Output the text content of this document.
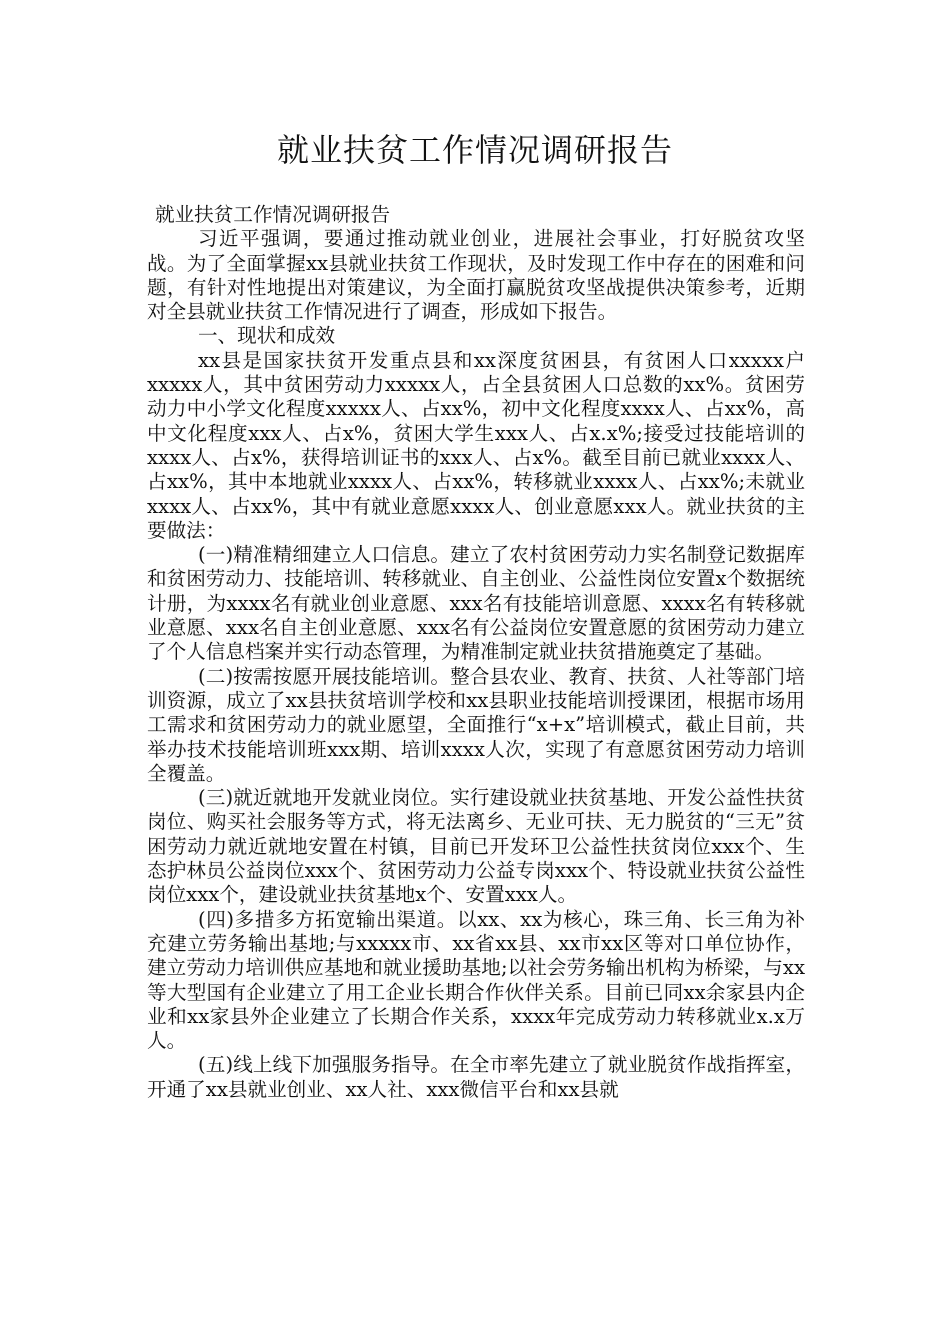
就业扶贫工作情况调研报告

就业扶贫工作情况调研报告

习近平强调，要通过推动就业创业，进展社会事业，打好脱贫攻坚战。为了全面掌握xx县就业扶贫工作现状，及时发现工作中存在的困难和问题，有针对性地提出对策建议，为全面打赢脱贫攻坚战提供决策参考，近期对全县就业扶贫工作情况进行了调查，形成如下报告。

一、现状和成效

xx县是国家扶贫开发重点县和xx深度贫困县，有贫困人口xxxxx户xxxxx人，其中贫困劳动力xxxxx人，占全县贫困人口总数的xx%。贫困劳动力中小学文化程度xxxxx人、占xx%，初中文化程度xxxx人、占xx%，高中文化程度xxx人、占x%，贫困大学生xxx人、占x.x%;接受过技能培训的xxxx人、占x%，获得培训证书的xxx人、占x%。截至目前已就业xxxx人、占xx%，其中本地就业xxxx人、占xx%，转移就业xxxx人、占xx%;未就业xxxx人、占xx%，其中有就业意愿xxxx人、创业意愿xxx人。就业扶贫的主要做法：

(一)精准精细建立人口信息。建立了农村贫困劳动力实名制登记数据库和贫困劳动力、技能培训、转移就业、自主创业、公益性岗位安置x个数据统计册，为xxxx名有就业创业意愿、xxx名有技能培训意愿、xxxx名有转移就业意愿、xxx名自主创业意愿、xxx名有公益岗位安置意愿的贫困劳动力建立了个人信息档案并实行动态管理，为精准制定就业扶贫措施奠定了基础。

(二)按需按愿开展技能培训。整合县农业、教育、扶贫、人社等部门培训资源，成立了xx县扶贫培训学校和xx县职业技能培训授课团，根据市场用工需求和贫困劳动力的就业愿望，全面推行“x+x”培训模式，截止目前，共举办技术技能培训班xxx期、培训xxxx人次，实现了有意愿贫困劳动力培训全覆盖。

(三)就近就地开发就业岗位。实行建设就业扶贫基地、开发公益性扶贫岗位、购买社会服务等方式，将无法离乡、无业可扶、无力脱贫的“三无”贫困劳动力就近就地安置在村镇，目前已开发环卫公益性扶贫岗位xxx个、生态护林员公益岗位xxx个、贫困劳动力公益专岗xxx个、特设就业扶贫公益性岗位xxx个，建设就业扶贫基地x个、安置xxx人。

(四)多措多方拓宽输出渠道。以xx、xx为核心，珠三角、长三角为补充建立劳务输出基地;与xxxxx市、xx省xx县、xx市xx区等对口单位协作，建立劳动力培训供应基地和就业援助基地;以社会劳务输出机构为桥梁，与xx等大型国有企业建立了用工企业长期合作伙伴关系。目前已同xx余家县内企业和xx家县外企业建立了长期合作关系，xxxx年完成劳动力转移就业x.x万人。

(五)线上线下加强服务指导。在全市率先建立了就业脱贫作战指挥室，开通了xx县就业创业、xx人社、xxx微信平台和xx县就
